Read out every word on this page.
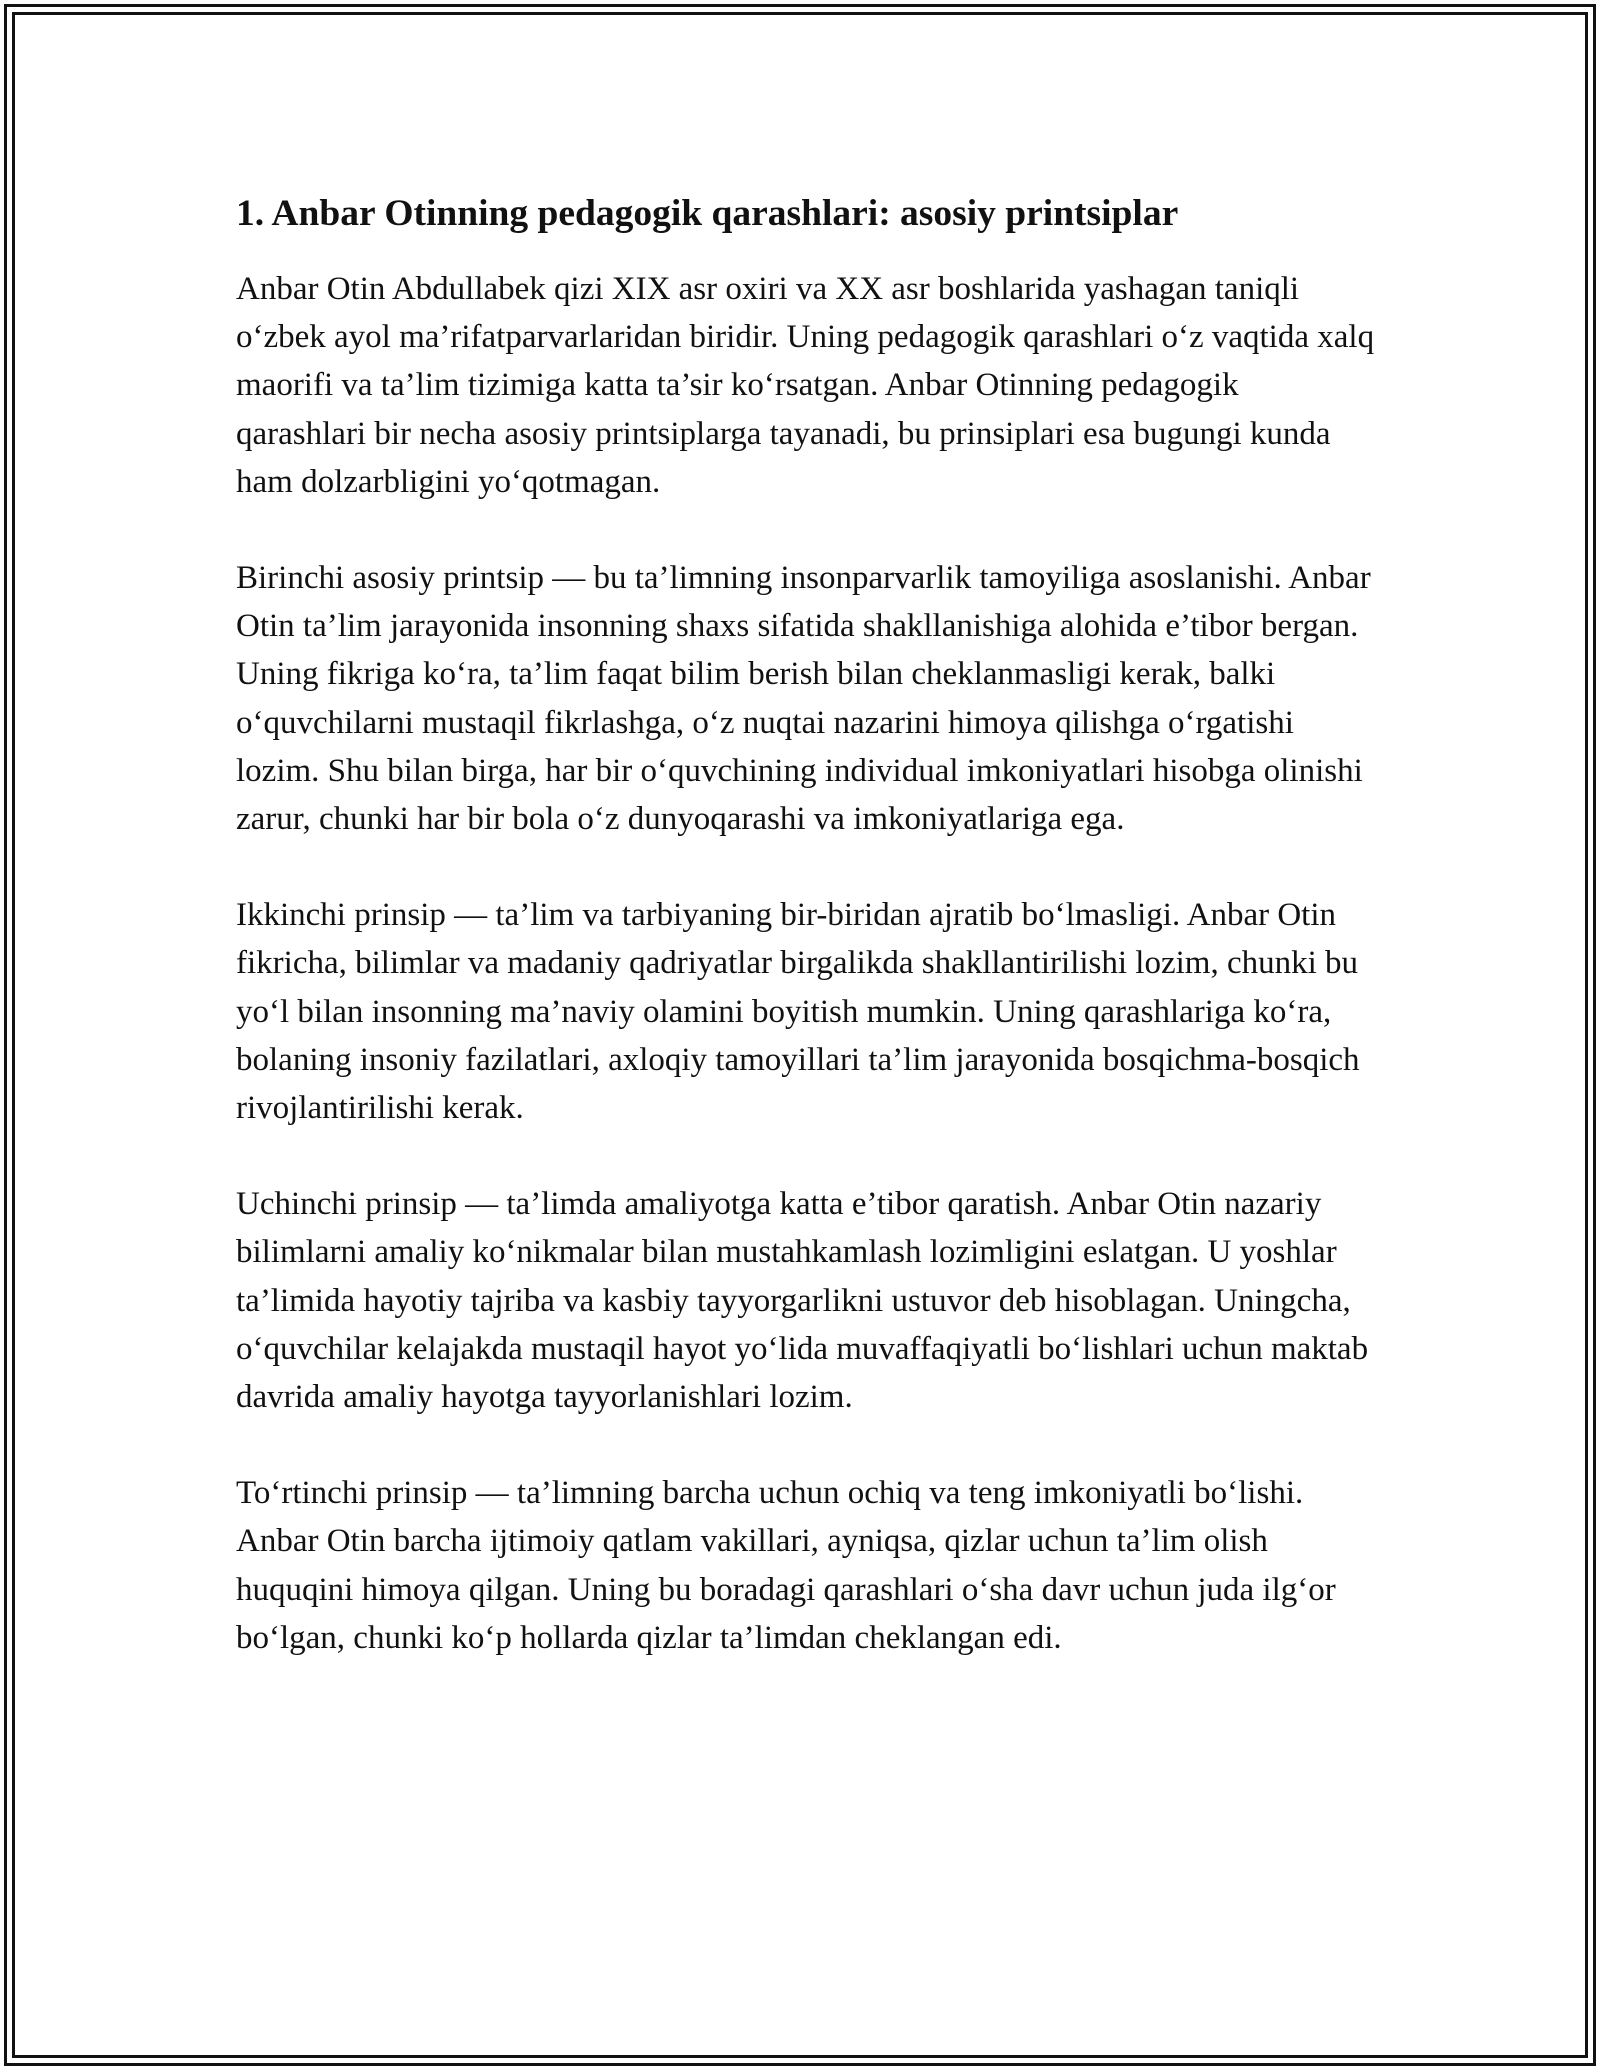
1. Anbar Otinning pedagogik qarashlari: asosiy printsiplar

Anbar Otin Abdullabek qizi XIX asr oxiri va XX asr boshlarida yashagan taniqli o‘zbek ayol ma’rifatparvarlaridan biridir. Uning pedagogik qarashlari o‘z vaqtida xalq maorifi va ta’lim tizimiga katta ta’sir ko‘rsatgan. Anbar Otinning pedagogik qarashlari bir necha asosiy printsiplarga tayanadi, bu prinsiplari esa bugungi kunda ham dolzarbligini yo‘qotmagan.

Birinchi asosiy printsip — bu ta’limning insonparvarlik tamoyiliga asoslanishi. Anbar Otin ta’lim jarayonida insonning shaxs sifatida shakllanishiga alohida e’tibor bergan. Uning fikriga ko‘ra, ta’lim faqat bilim berish bilan cheklanmasligi kerak, balki o‘quvchilarni mustaqil fikrlashga, o‘z nuqtai nazarini himoya qilishga o‘rgatishi lozim. Shu bilan birga, har bir o‘quvchining individual imkoniyatlari hisobga olinishi zarur, chunki har bir bola o‘z dunyoqarashi va imkoniyatlariga ega.

Ikkinchi prinsip — ta’lim va tarbiyaning bir-biridan ajratib bo‘lmasligi. Anbar Otin fikricha, bilimlar va madaniy qadriyatlar birgalikda shakllantirilishi lozim, chunki bu yo‘l bilan insonning ma’naviy olamini boyitish mumkin. Uning qarashlariga ko‘ra, bolaning insoniy fazilatlari, axloqiy tamoyillari ta’lim jarayonida bosqichma-bosqich rivojlantirilishi kerak.

Uchinchi prinsip — ta’limda amaliyotga katta e’tibor qaratish. Anbar Otin nazariy bilimlarni amaliy ko‘nikmalar bilan mustahkamlash lozimligini eslatgan. U yoshlar ta’limida hayotiy tajriba va kasbiy tayyorgarlikni ustuvor deb hisoblagan. Uningcha, o‘quvchilar kelajakda mustaqil hayot yo‘lida muvaffaqiyatli bo‘lishlari uchun maktab davrida amaliy hayotga tayyorlanishlari lozim.

To‘rtinchi prinsip — ta’limning barcha uchun ochiq va teng imkoniyatli bo‘lishi. Anbar Otin barcha ijtimoiy qatlam vakillari, ayniqsa, qizlar uchun ta’lim olish huquqini himoya qilgan. Uning bu boradagi qarashlari o‘sha davr uchun juda ilg‘or bo‘lgan, chunki ko‘p hollarda qizlar ta’limdan cheklangan edi.
